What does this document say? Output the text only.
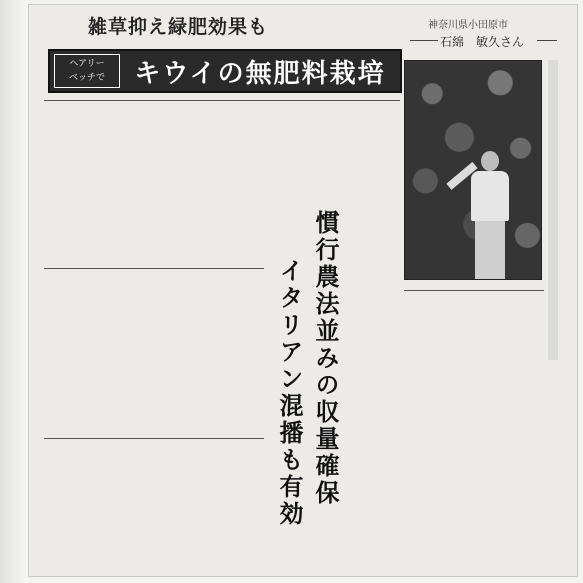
雑草抑え緑肥効果も
ヘアリー
ベッチで	キウイの無肥料栽培
神奈川県小田原市
石綿　敏久さん
慣行農法並みの収量確保
イタリアン混播も有効
